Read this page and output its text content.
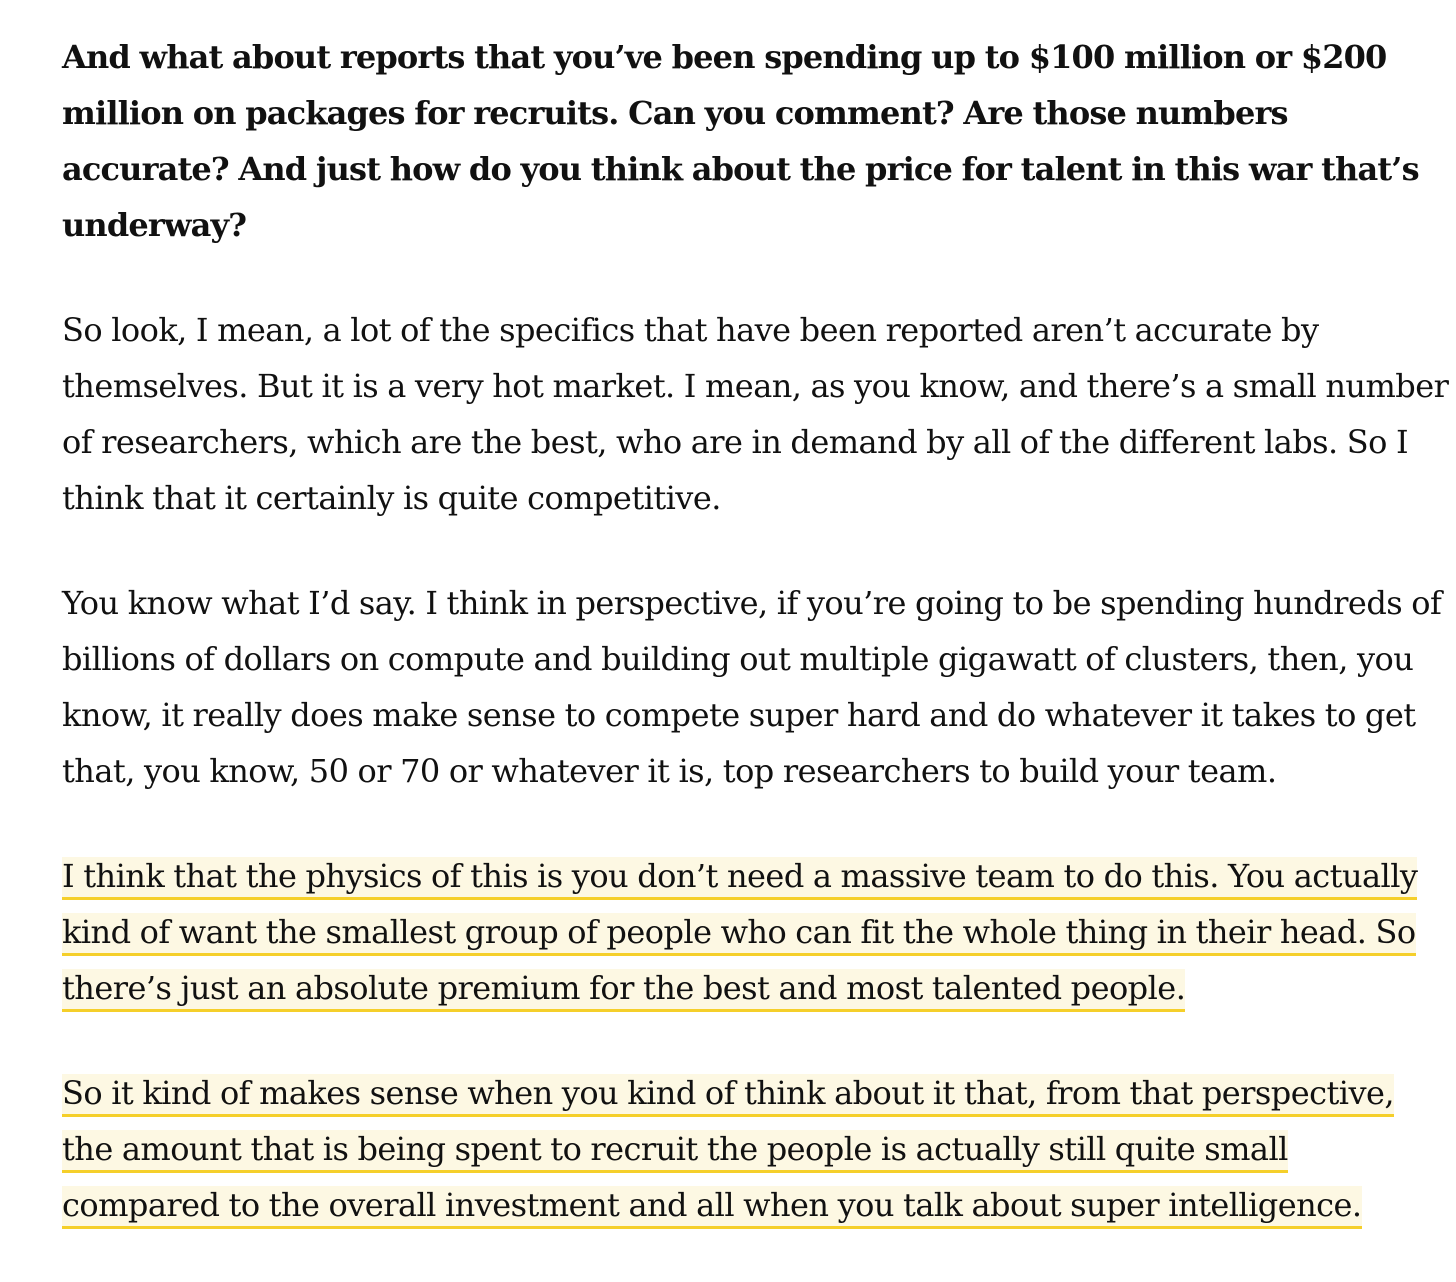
And what about reports that you’ve been spending up to $100 million or $200 million on packages for recruits. Can you comment? Are those numbers accurate? And just how do you think about the price for talent in this war that’s underway?

So look, I mean, a lot of the specifics that have been reported aren’t accurate by themselves. But it is a very hot market. I mean, as you know, and there’s a small number of researchers, which are the best, who are in demand by all of the different labs. So I think that it certainly is quite competitive.

You know what I’d say. I think in perspective, if you’re going to be spending hundreds of billions of dollars on compute and building out multiple gigawatt of clusters, then, you know, it really does make sense to compete super hard and do whatever it takes to get that, you know, 50 or 70 or whatever it is, top researchers to build your team.

I think that the physics of this is you don’t need a massive team to do this. You actually kind of want the smallest group of people who can fit the whole thing in their head. So there’s just an absolute premium for the best and most talented people.

So it kind of makes sense when you kind of think about it that, from that perspective, the amount that is being spent to recruit the people is actually still quite small compared to the overall investment and all when you talk about super intelligence.
